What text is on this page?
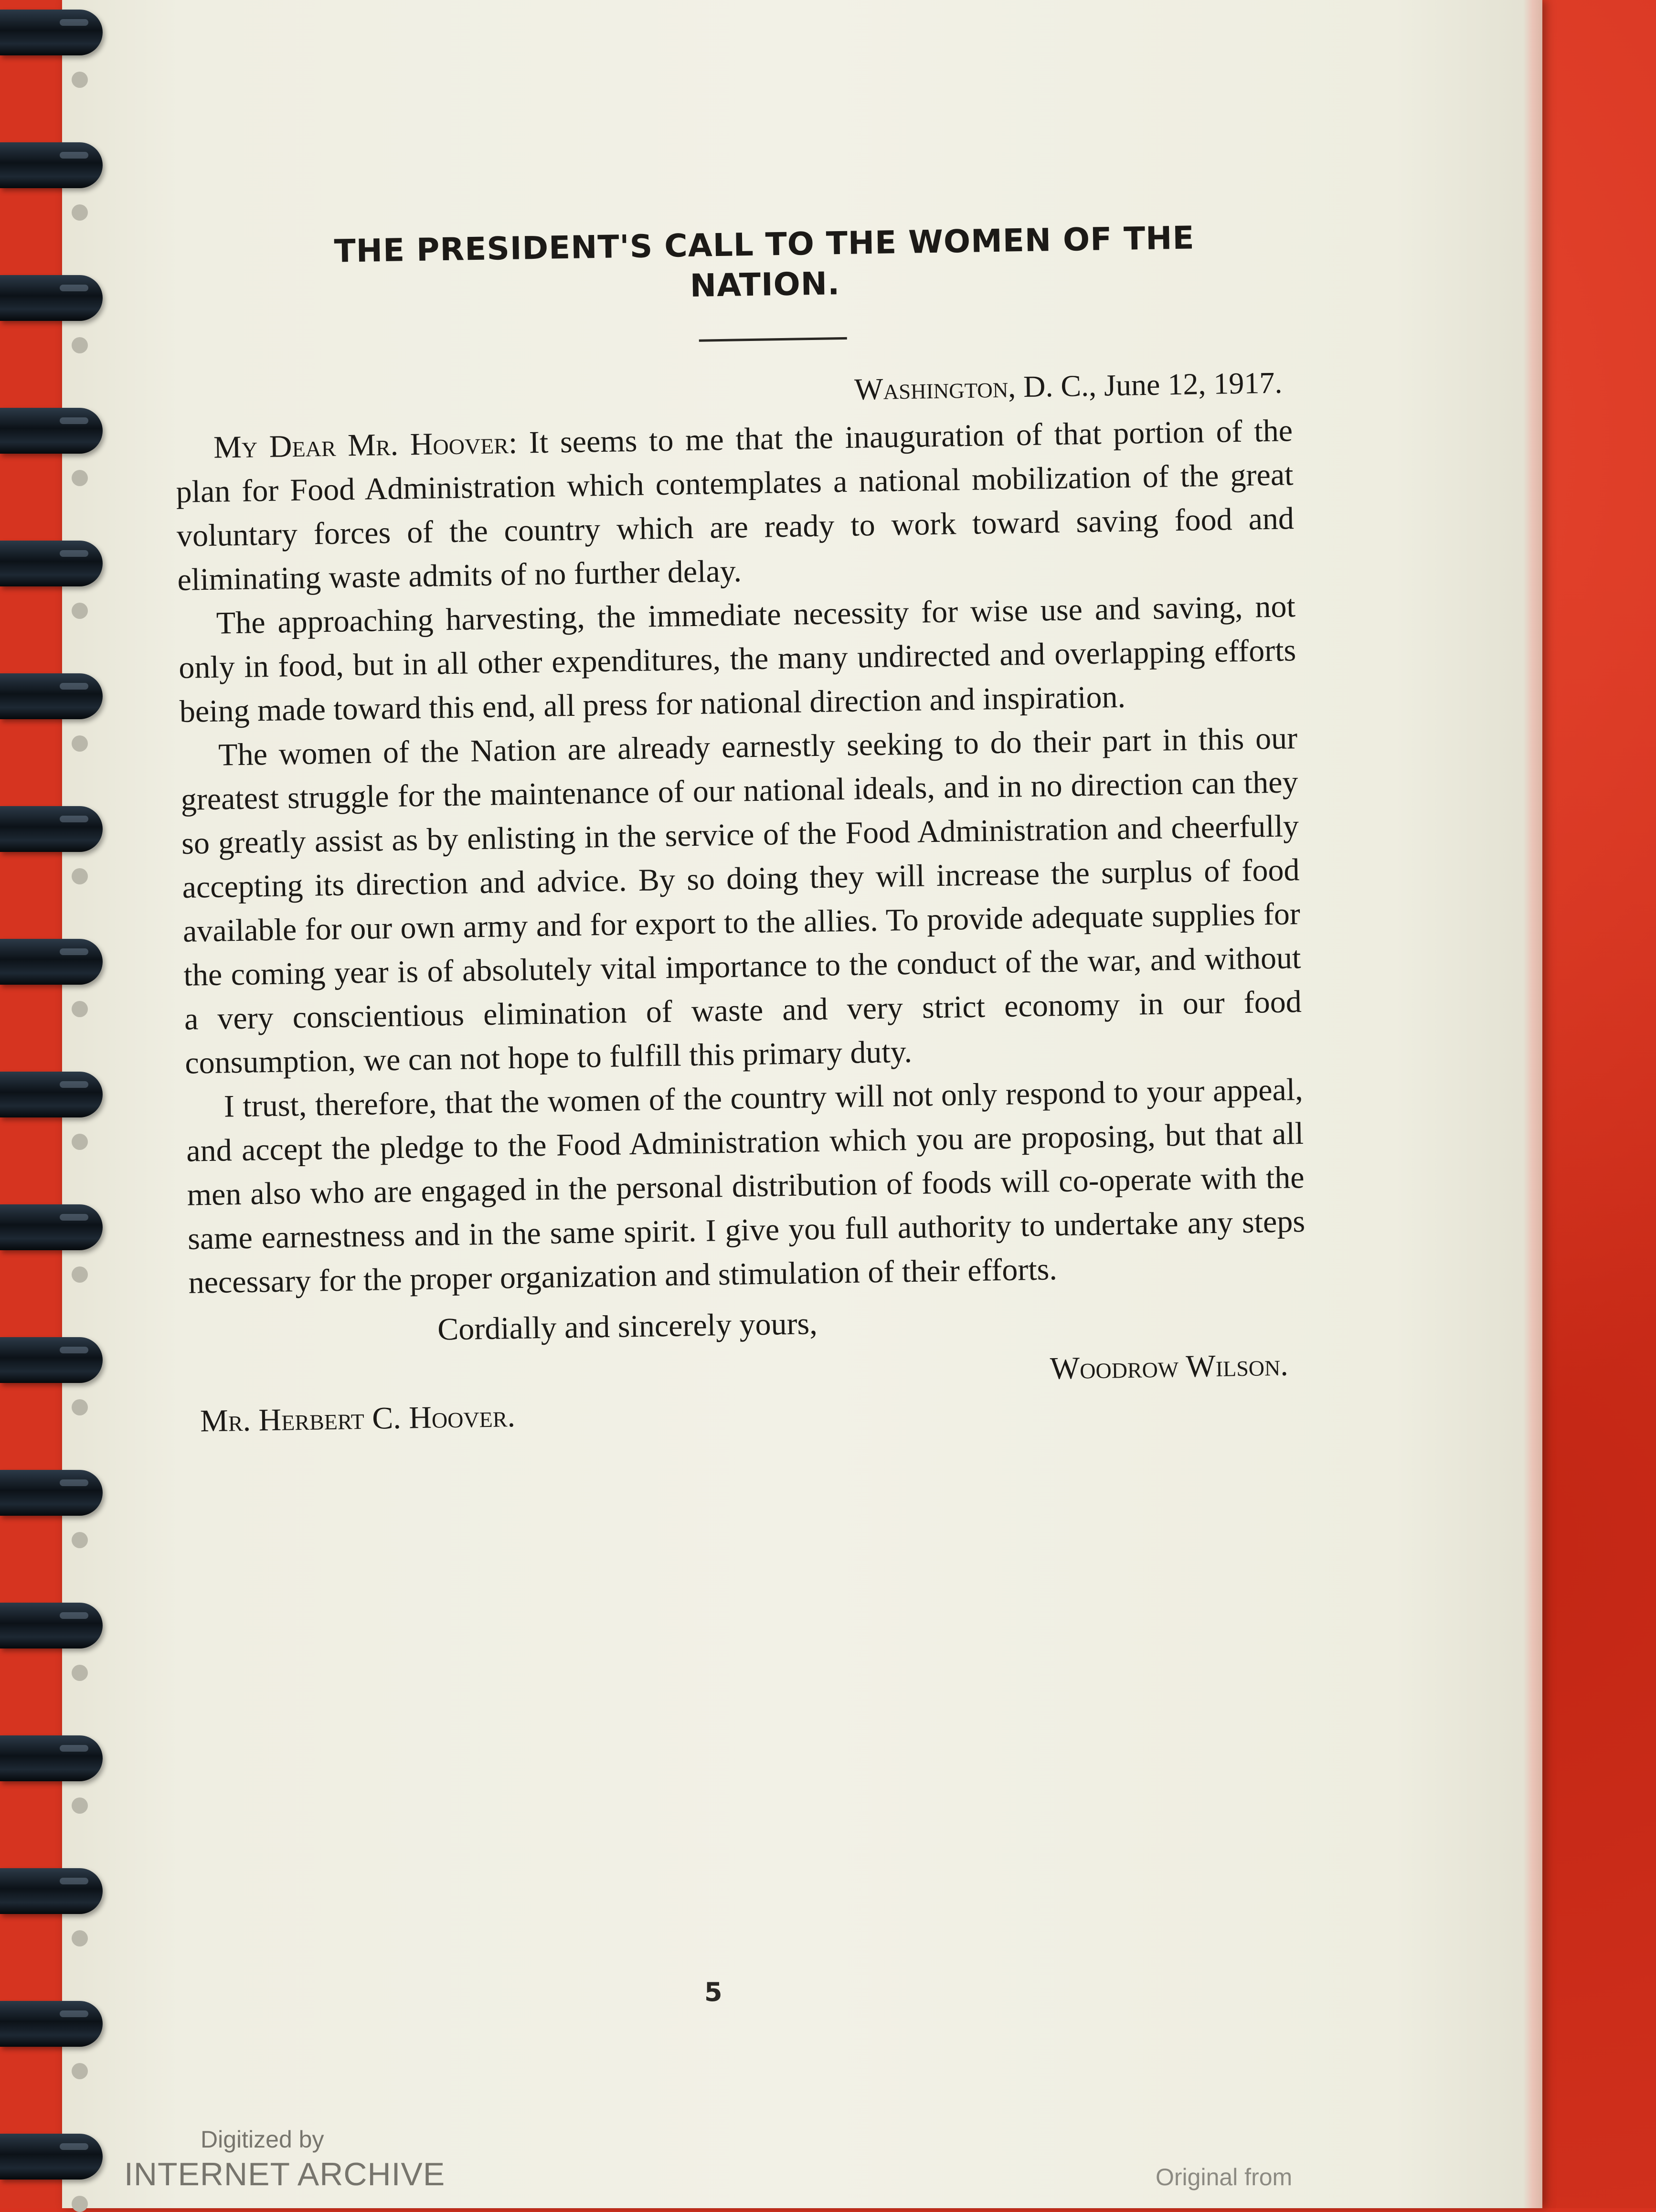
THE PRESIDENT'S CALL TO THE WOMEN OF THE
NATION.
Washington, D. C., June 12, 1917.

My Dear Mr. Hoover: It seems to me that the inauguration of that portion of the plan for Food Administration which contemplates a national mobilization of the great voluntary forces of the country which are ready to work toward saving food and eliminating waste admits of no further delay.

The approaching harvesting, the immediate necessity for wise use and saving, not only in food, but in all other expenditures, the many undirected and overlapping efforts being made toward this end, all press for national direction and inspiration.

The women of the Nation are already earnestly seeking to do their part in this our greatest struggle for the maintenance of our national ideals, and in no direction can they so greatly assist as by enlisting in the service of the Food Administration and cheerfully accepting its direction and advice. By so doing they will increase the surplus of food available for our own army and for export to the allies. To provide adequate supplies for the coming year is of absolutely vital importance to the conduct of the war, and without a very conscientious elimination of waste and very strict economy in our food consumption, we can not hope to fulfill this primary duty.

I trust, therefore, that the women of the country will not only respond to your appeal, and accept the pledge to the Food Administration which you are proposing, but that all men also who are engaged in the personal distribution of foods will co-operate with the same earnestness and in the same spirit. I give you full authority to undertake any steps necessary for the proper organization and stimulation of their efforts.

Cordially and sincerely yours,
Woodrow Wilson.
Mr. Herbert C. Hoover.
5
Digitized by
INTERNET ARCHIVE	Original from
